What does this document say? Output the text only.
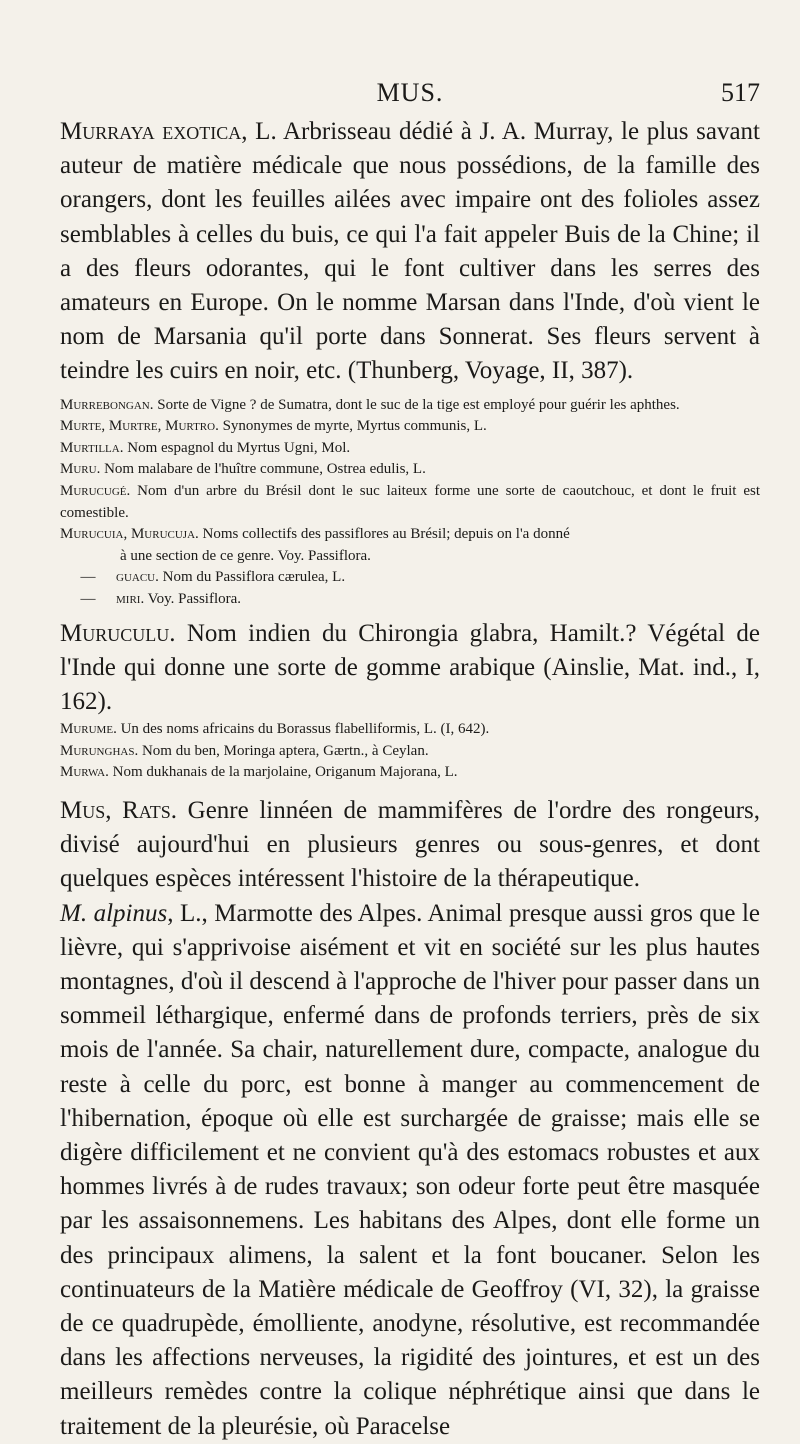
MUS.	517

Murraya exotica, L. Arbrisseau dédié à J. A. Murray, le plus savant auteur de matière médicale que nous possédions, de la famille des orangers, dont les feuilles ailées avec impaire ont des folioles assez semblables à celles du buis, ce qui l'a fait appeler Buis de la Chine; il a des fleurs odorantes, qui le font cultiver dans les serres des amateurs en Europe. On le nomme Marsan dans l'Inde, d'où vient le nom de Marsania qu'il porte dans Sonnerat. Ses fleurs servent à teindre les cuirs en noir, etc. (Thunberg, Voyage, II, 387).

Murrebongan. Sorte de Vigne ? de Sumatra, dont le suc de la tige est employé pour guérir les aphthes.

Murte, Murtre, Murtro. Synonymes de myrte, Myrtus communis, L.

Murtilla. Nom espagnol du Myrtus Ugni, Mol.

Muru. Nom malabare de l'huître commune, Ostrea edulis, L.

Murucugé. Nom d'un arbre du Brésil dont le suc laiteux forme une sorte de caoutchouc, et dont le fruit est comestible.

Murucuia, Murucuja. Noms collectifs des passiflores au Brésil; depuis on l'a donné

à une section de ce genre. Voy. Passiflora.

— guacu. Nom du Passiflora cærulea, L.

— miri. Voy. Passiflora.

Muruculu. Nom indien du Chirongia glabra, Hamilt.? Végétal de l'Inde qui donne une sorte de gomme arabique (Ainslie, Mat. ind., I, 162).

Murume. Un des noms africains du Borassus flabelliformis, L. (I, 642).

Murunghas. Nom du ben, Moringa aptera, Gærtn., à Ceylan.

Murwa. Nom dukhanais de la marjolaine, Origanum Majorana, L.

Mus, Rats. Genre linnéen de mammifères de l'ordre des rongeurs, divisé aujourd'hui en plusieurs genres ou sous-genres, et dont quelques espèces intéressent l'histoire de la thérapeutique.

M. alpinus, L., Marmotte des Alpes. Animal presque aussi gros que le lièvre, qui s'apprivoise aisément et vit en société sur les plus hautes montagnes, d'où il descend à l'approche de l'hiver pour passer dans un sommeil léthargique, enfermé dans de profonds terriers, près de six mois de l'année. Sa chair, naturellement dure, compacte, analogue du reste à celle du porc, est bonne à manger au commencement de l'hibernation, époque où elle est surchargée de graisse; mais elle se digère difficilement et ne convient qu'à des estomacs robustes et aux hommes livrés à de rudes travaux; son odeur forte peut être masquée par les assaisonnemens. Les habitans des Alpes, dont elle forme un des principaux alimens, la salent et la font boucaner. Selon les continuateurs de la Matière médicale de Geoffroy (VI, 32), la graisse de ce quadrupède, émolliente, anodyne, résolutive, est recommandée dans les affections nerveuses, la rigidité des jointures, et est un des meilleurs remèdes contre la colique néphrétique ainsi que dans le traitement de la pleurésie, où Paracelse
